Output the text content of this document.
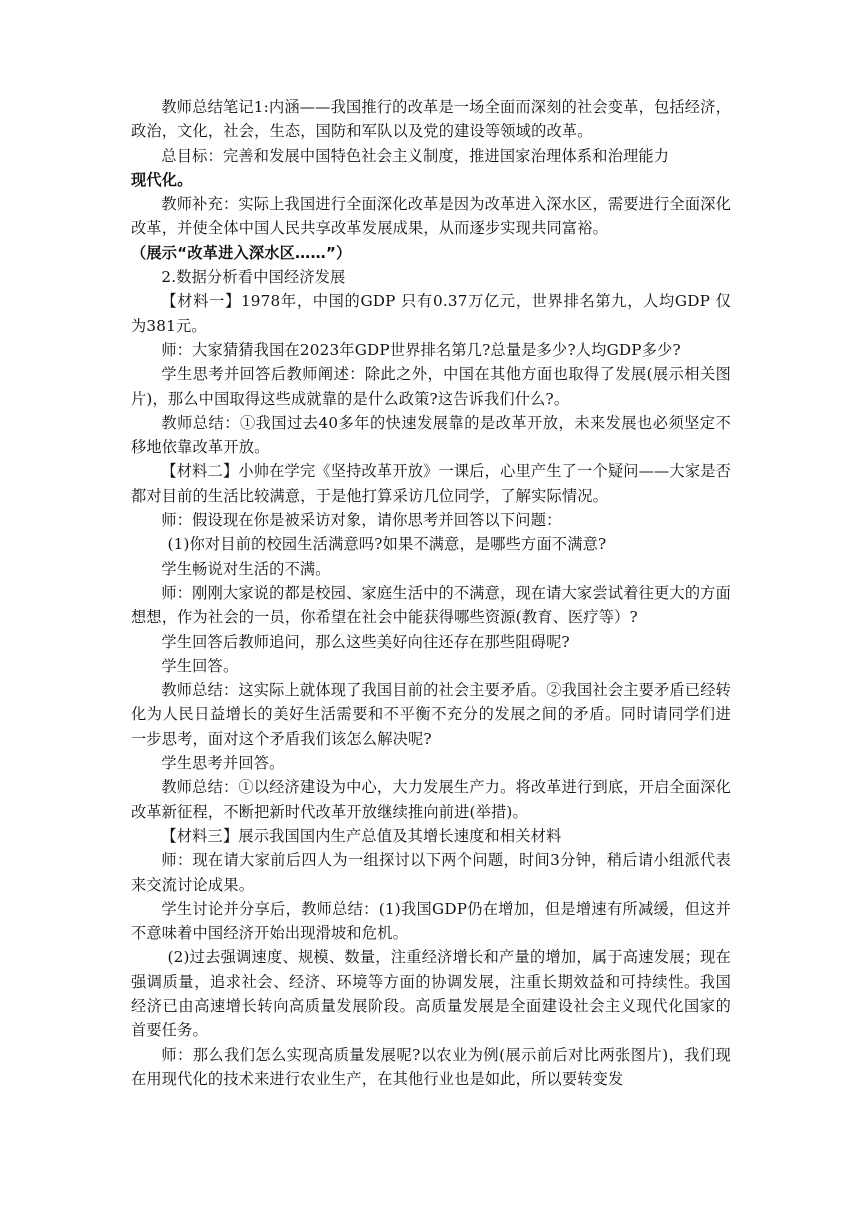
教师总结笔记1:内涵——我国推行的改革是一场全面而深刻的社会变革，包括经济，政治，文化，社会，生态，国防和军队以及党的建设等领域的改革。

总目标：完善和发展中国特色社会主义制度，推进国家治理体系和治理能力

现代化。

教师补充：实际上我国进行全面深化改革是因为改革进入深水区，需要进行全面深化改革，并使全体中国人民共享改革发展成果，从而逐步实现共同富裕。

（展示“改革进入深水区……”）

2.数据分析看中国经济发展

【材料一】1978年，中国的GDP 只有0.37万亿元，世界排名第九，人均GDP 仅为381元。

师：大家猜猜我国在2023年GDP世界排名第几?总量是多少?人均GDP多少?

学生思考并回答后教师阐述：除此之外，中国在其他方面也取得了发展(展示相关图片)，那么中国取得这些成就靠的是什么政策?这告诉我们什么?。

教师总结：①我国过去40多年的快速发展靠的是改革开放，未来发展也必须坚定不移地依靠改革开放。

【材料二】小帅在学完《坚持改革开放》一课后，心里产生了一个疑问——大家是否都对目前的生活比较满意，于是他打算采访几位同学，了解实际情况。

师：假设现在你是被采访对象，请你思考并回答以下问题：

(1)你对目前的校园生活满意吗?如果不满意，是哪些方面不满意?

学生畅说对生活的不满。

师：刚刚大家说的都是校园、家庭生活中的不满意，现在请大家尝试着往更大的方面想想，作为社会的一员，你希望在社会中能获得哪些资源(教育、医疗等）?

学生回答后教师追问，那么这些美好向往还存在那些阻碍呢?

学生回答。

教师总结：这实际上就体现了我国目前的社会主要矛盾。②我国社会主要矛盾已经转化为人民日益增长的美好生活需要和不平衡不充分的发展之间的矛盾。同时请同学们进一步思考，面对这个矛盾我们该怎么解决呢?

学生思考并回答。

教师总结：①以经济建设为中心，大力发展生产力。将改革进行到底，开启全面深化改革新征程，不断把新时代改革开放继续推向前进(举措)。

【材料三】展示我国国内生产总值及其增长速度和相关材料

师：现在请大家前后四人为一组探讨以下两个问题，时间3分钟，稍后请小组派代表来交流讨论成果。

学生讨论并分享后，教师总结：(1)我国GDP仍在增加，但是增速有所减缓，但这并不意味着中国经济开始出现滑坡和危机。

(2)过去强调速度、规模、数量，注重经济增长和产量的增加，属于高速发展；现在强调质量，追求社会、经济、环境等方面的协调发展，注重长期效益和可持续性。我国经济已由高速增长转向高质量发展阶段。高质量发展是全面建设社会主义现代化国家的首要任务。

师：那么我们怎么实现高质量发展呢?以农业为例(展示前后对比两张图片)，我们现在用现代化的技术来进行农业生产，在其他行业也是如此，所以要转变发
